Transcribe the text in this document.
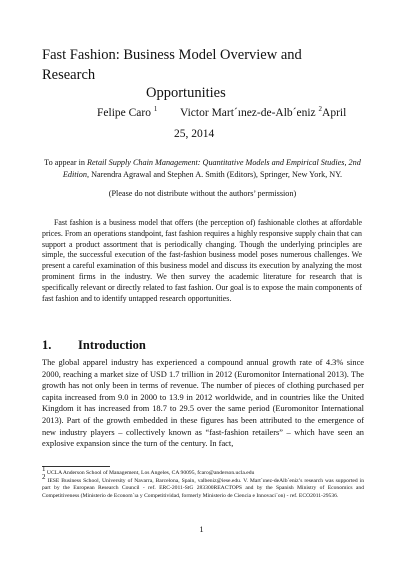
Fast Fashion: Business Model Overview and
Research
Opportunities
Felipe Caro $^1$ Victor Mart´ınez-de-Alb´eniz $^2$April
25, 2014
To appear in Retail Supply Chain Management: Quantitative Models and Empirical Studies, 2nd Edition, Narendra Agrawal and Stephen A. Smith (Editors), Springer, New York, NY.
(Please do not distribute without the authors’ permission)
Fast fashion is a business model that offers (the perception of) fashionable clothes at affordable prices. From an operations standpoint, fast fashion requires a highly responsive supply chain that can support a product assortment that is periodically changing. Though the underlying principles are simple, the successful execution of the fast-fashion business model poses numerous challenges. We present a careful examination of this business model and discuss its execution by analyzing the most prominent firms in the industry. We then survey the academic literature for research that is specifically relevant or directly related to fast fashion. Our goal is to expose the main components of fast fashion and to identify untapped research opportunities.
1. Introduction
The global apparel industry has experienced a compound annual growth rate of 4.3% since 2000, reaching a market size of USD 1.7 trillion in 2012 (Euromonitor International 2013). The growth has not only been in terms of revenue. The number of pieces of clothing purchased per capita increased from 9.0 in 2000 to 13.9 in 2012 worldwide, and in countries like the United Kingdom it has increased from 18.7 to 29.5 over the same period (Euromonitor International 2013). Part of the growth embedded in these figures has been attributed to the emergence of new industry players – collectively known as “fast-fashion retailers” – which have seen an explosive expansion since the turn of the century. In fact,

$^1$ UCLA Anderson School of Management, Los Angeles, CA 90095, fcaro@anderson.ucla.edu

$^2$ IESE Business School, University of Navarra, Barcelona, Spain, valbeniz@iese.edu. V. Mart´ınez-deAlb´eniz’s research was supported in part by the European Research Council - ref. ERC-2011-StG 283300REACTOPS and by the Spanish Ministry of Economics and Competitiveness (Ministerio de Econom´ıa y Competitividad, formerly Ministerio de Ciencia e Innovaci´on) - ref. ECO2011-29536.

1
